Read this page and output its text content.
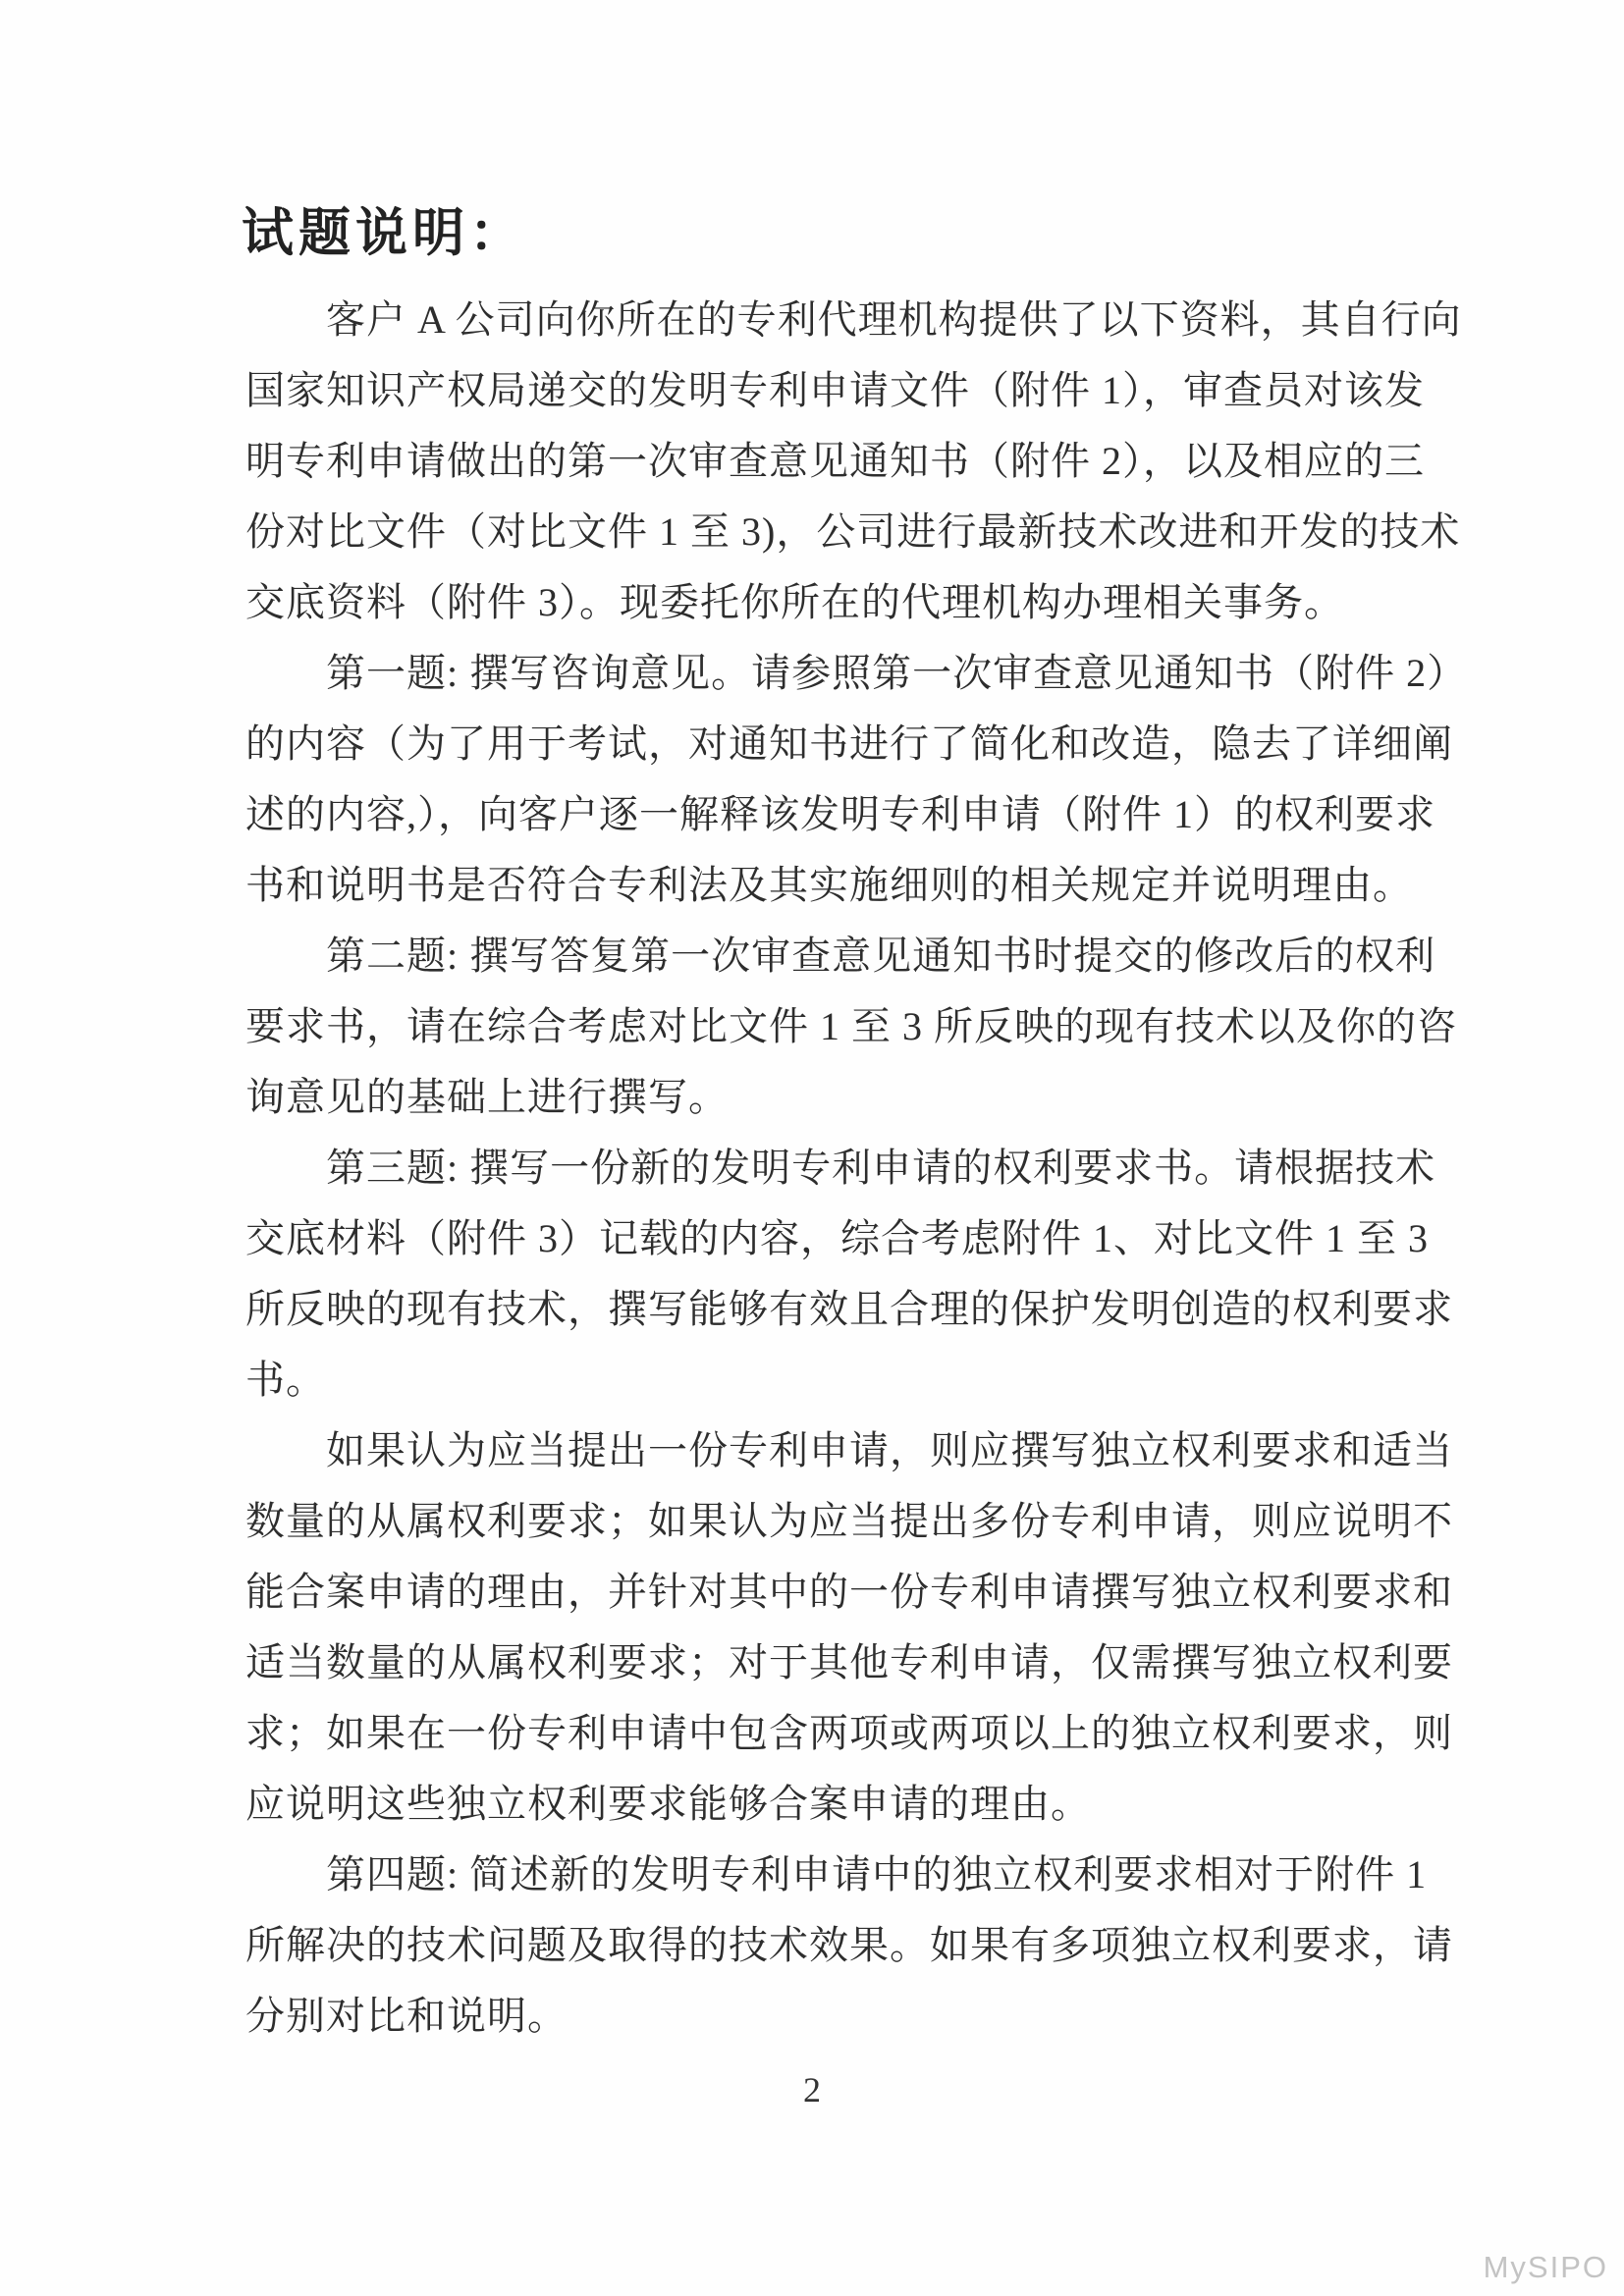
试题说明：
客户 A 公司向你所在的专利代理机构提供了以下资料，其自行向
国家知识产权局递交的发明专利申请文件（附件 1），审查员对该发
明专利申请做出的第一次审查意见通知书（附件 2），以及相应的三
份对比文件（对比文件 1 至 3)，公司进行最新技术改进和开发的技术
交底资料（附件 3）。现委托你所在的代理机构办理相关事务。
第一题: 撰写咨询意见。请参照第一次审查意见通知书（附件 2）
的内容（为了用于考试，对通知书进行了简化和改造，隐去了详细阐
述的内容,），向客户逐一解释该发明专利申请（附件 1）的权利要求
书和说明书是否符合专利法及其实施细则的相关规定并说明理由。
第二题: 撰写答复第一次审查意见通知书时提交的修改后的权利
要求书，请在综合考虑对比文件 1 至 3 所反映的现有技术以及你的咨
询意见的基础上进行撰写。
第三题: 撰写一份新的发明专利申请的权利要求书。请根据技术
交底材料（附件 3）记载的内容，综合考虑附件 1、对比文件 1 至 3
所反映的现有技术，撰写能够有效且合理的保护发明创造的权利要求
书。
如果认为应当提出一份专利申请，则应撰写独立权利要求和适当
数量的从属权利要求；如果认为应当提出多份专利申请，则应说明不
能合案申请的理由，并针对其中的一份专利申请撰写独立权利要求和
适当数量的从属权利要求；对于其他专利申请，仅需撰写独立权利要
求；如果在一份专利申请中包含两项或两项以上的独立权利要求，则
应说明这些独立权利要求能够合案申请的理由。
第四题: 简述新的发明专利申请中的独立权利要求相对于附件 1
所解决的技术问题及取得的技术效果。如果有多项独立权利要求，请
分别对比和说明。
2
MySIPO
